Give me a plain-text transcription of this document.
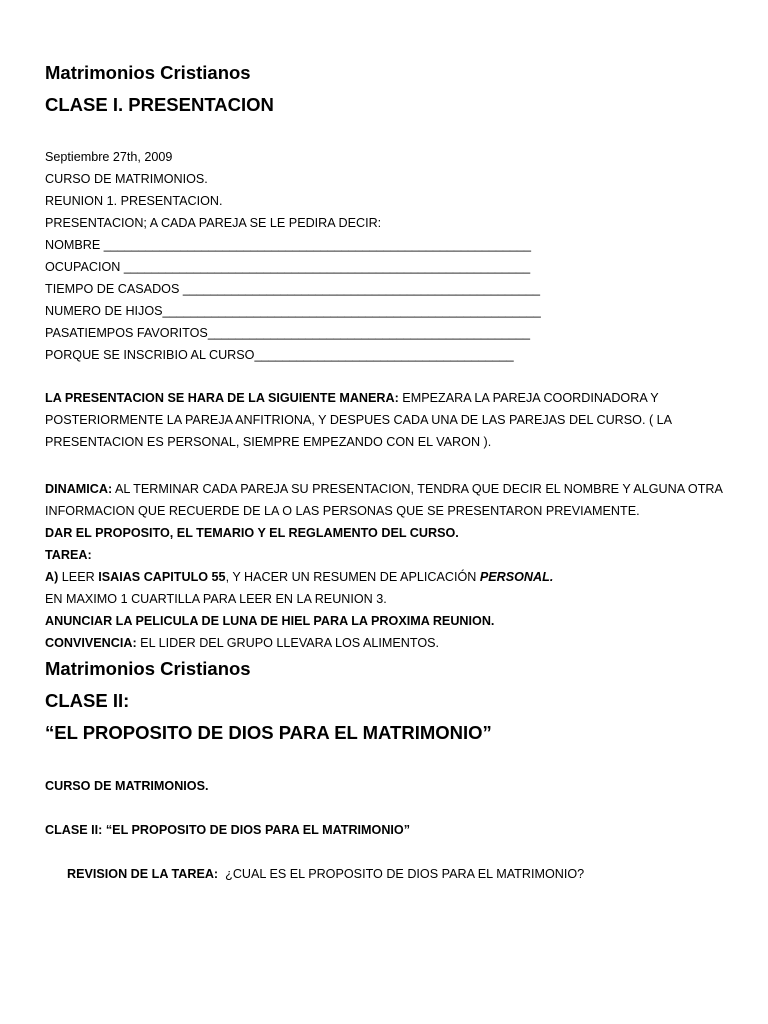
Matrimonios Cristianos

CLASE I. PRESENTACION

Septiembre 27th, 2009

CURSO DE MATRIMONIOS.

REUNION 1. PRESENTACION.

PRESENTACION; A CADA PAREJA SE LE PEDIRA DECIR:

NOMBRE _____________________________________________________________

OCUPACION __________________________________________________________

TIEMPO DE CASADOS ___________________________________________________

NUMERO DE HIJOS______________________________________________________

PASATIEMPOS FAVORITOS______________________________________________

PORQUE SE INSCRIBIO AL CURSO_____________________________________

LA PRESENTACION SE HARA DE LA SIGUIENTE MANERA: EMPEZARA LA PAREJA COORDINADORA Y POSTERIORMENTE LA PAREJA ANFITRIONA, Y DESPUES CADA UNA DE LAS PAREJAS DEL CURSO. ( LA PRESENTACION ES PERSONAL, SIEMPRE EMPEZANDO CON EL VARON ).

DINAMICA: AL TERMINAR CADA PAREJA SU PRESENTACION, TENDRA QUE DECIR EL NOMBRE Y ALGUNA OTRA INFORMACION QUE RECUERDE DE LA O LAS PERSONAS QUE SE PRESENTARON PREVIAMENTE.

DAR EL PROPOSITO, EL TEMARIO Y EL REGLAMENTO DEL CURSO.

TAREA:

A) LEER ISAIAS CAPITULO 55, Y HACER UN RESUMEN DE APLICACIÓN PERSONAL.

EN MAXIMO 1 CUARTILLA PARA LEER EN LA REUNION 3.

ANUNCIAR LA PELICULA DE LUNA DE HIEL PARA LA PROXIMA REUNION.

CONVIVENCIA: EL LIDER DEL GRUPO LLEVARA LOS ALIMENTOS.

Matrimonios Cristianos

CLASE II:

“EL PROPOSITO DE DIOS PARA EL MATRIMONIO”

CURSO DE MATRIMONIOS.

CLASE II: “EL PROPOSITO DE DIOS PARA EL MATRIMONIO”

REVISION DE LA TAREA: ¿CUAL ES EL PROPOSITO DE DIOS PARA EL MATRIMONIO?
